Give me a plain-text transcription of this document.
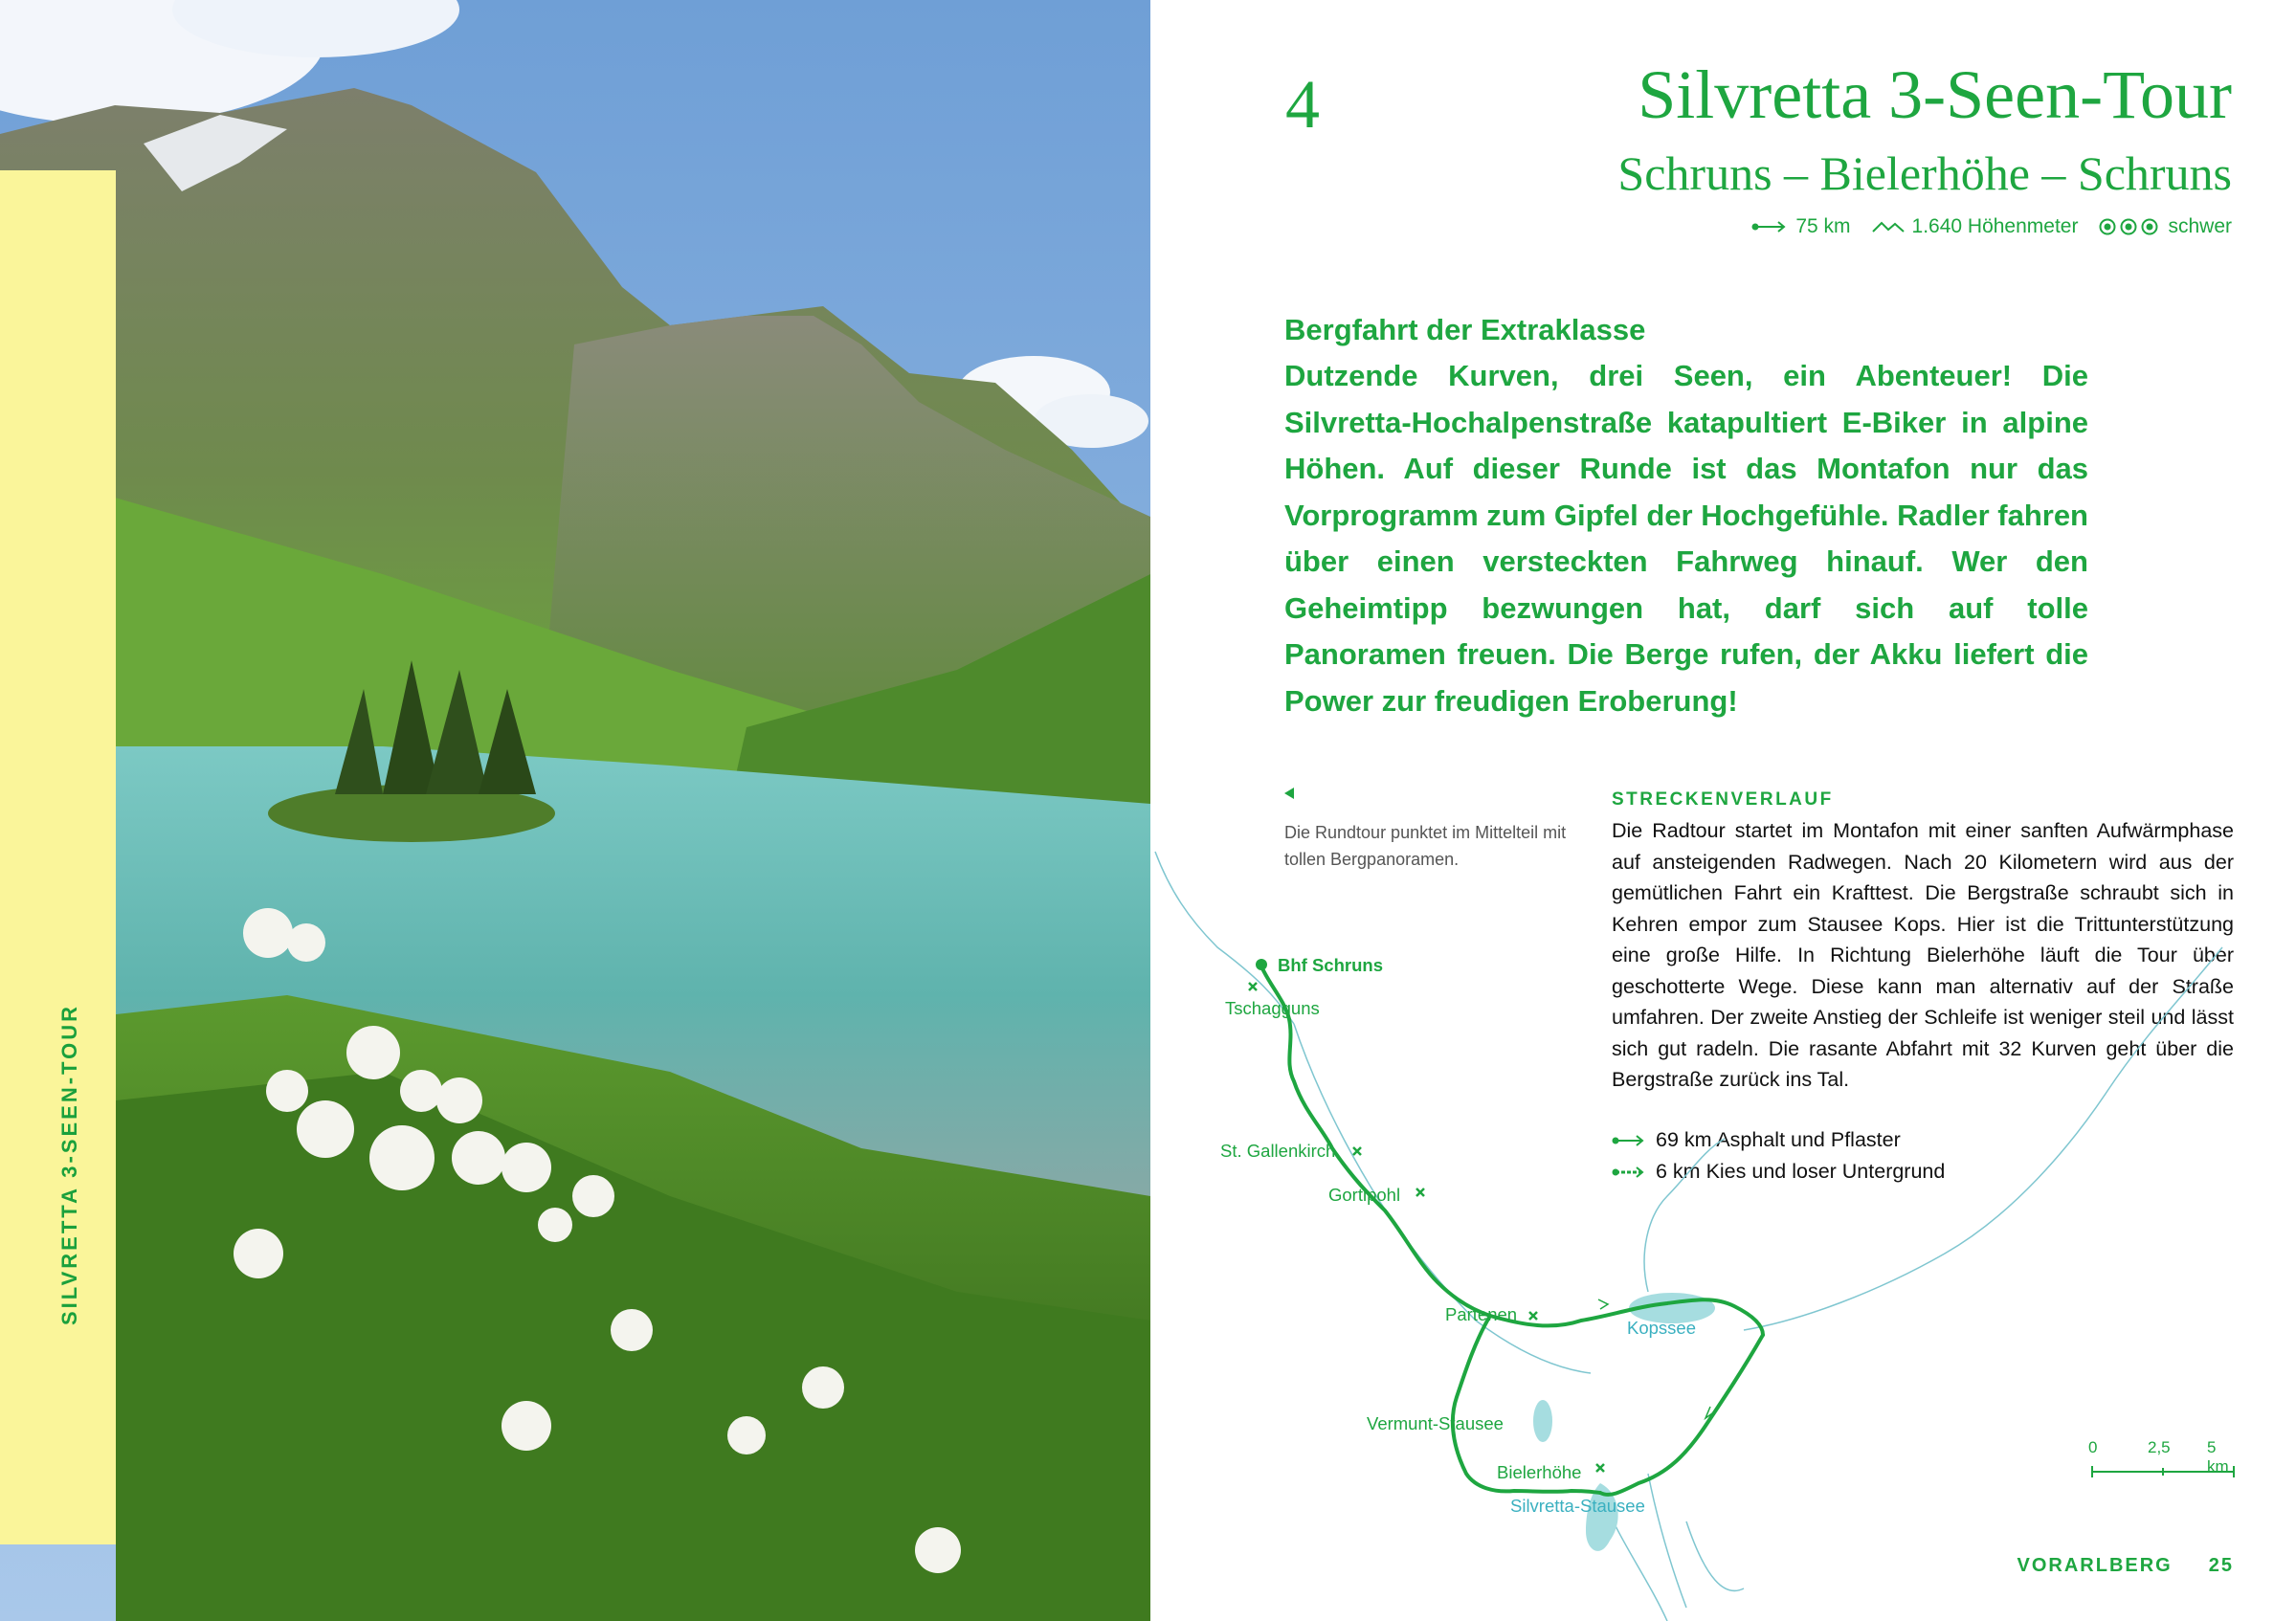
SILVRETTA 3-SEEN-TOUR
4	Silvretta 3-Seen-Tour
Schruns – Bielerhöhe – Schruns
75 km	1.640 Höhenmeter	schwer

Bergfahrt der Extraklasse

Dutzende Kurven, drei Seen, ein Abenteuer! Die Silvretta-Hochalpenstraße katapultiert E-Biker in alpine Höhen. Auf dieser Runde ist das Montafon nur das Vorprogramm zum Gipfel der Hochgefühle. Radler fahren über einen versteckten Fahrweg hinauf. Wer den Geheimtipp bezwungen hat, darf sich auf tolle Panoramen freuen. Die Berge rufen, der Akku liefert die Power zur freudigen Eroberung!

Die Rundtour punktet im Mittelteil mit tollen Bergpanoramen.
STRECKENVERLAUF

Die Radtour startet im Montafon mit einer sanften Aufwärmphase auf ansteigenden Radwegen. Nach 20 Kilometern wird aus der gemütlichen Fahrt ein Krafttest. Die Bergstraße schraubt sich in Kehren empor zum Stausee Kops. Hier ist die Trittunterstützung eine große Hilfe. In Richtung Bielerhöhe läuft die Tour über geschotterte Wege. Diese kann man alternativ auf der Straße umfahren. Der zweite Anstieg der Schleife ist weniger steil und lässt sich gut radeln. Die rasante Abfahrt mit 32 Kurven geht über die Bergstraße zurück ins Tal.

69 km Asphalt und Pflaster
6 km Kies und loser Untergrund
Bhf Schruns
Tschagguns
St. Gallenkirch
Gortipohl
Partenen
Kopssee
Vermunt-Stausee
Bielerhöhe
Silvretta-Stausee
0	2,5 5 km
VORARLBERG 25
